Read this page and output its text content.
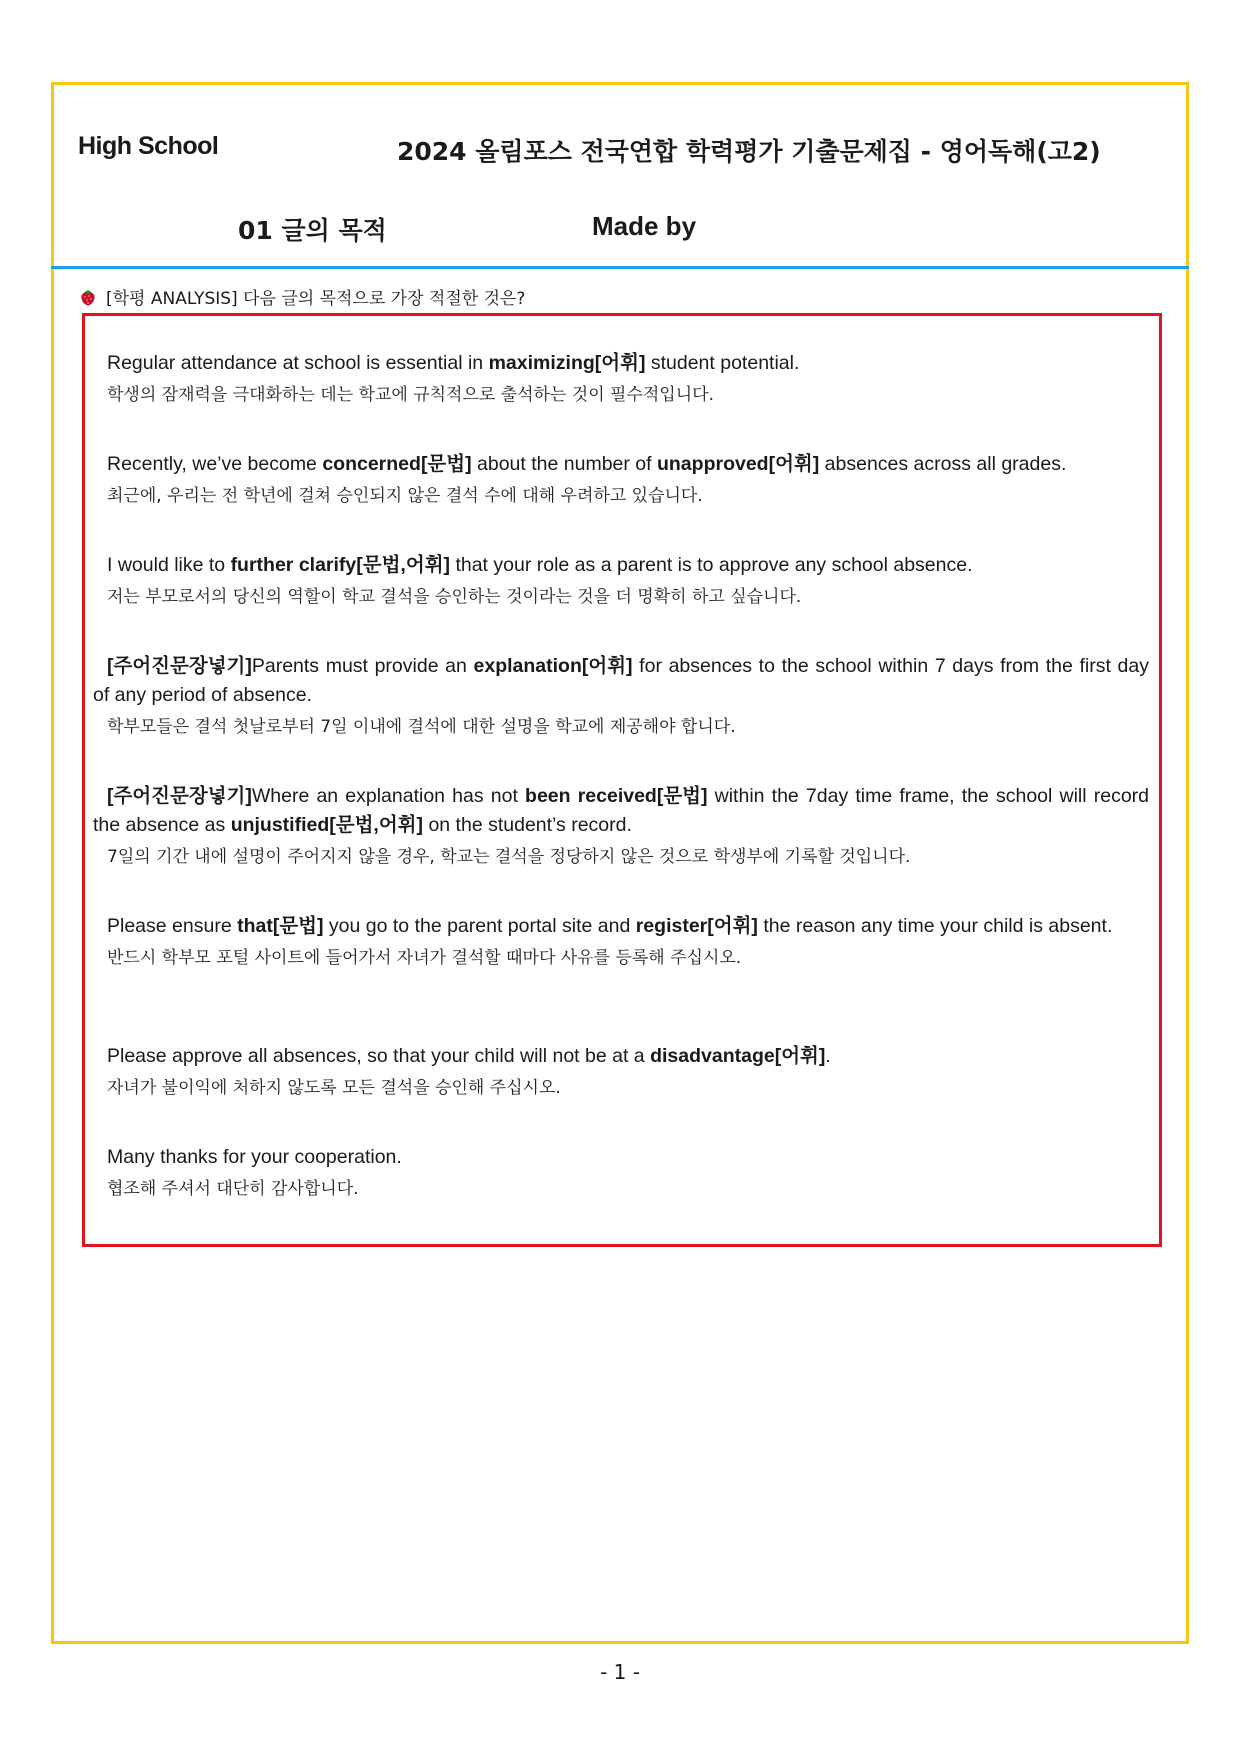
High School	2024 올림포스 전국연합 학력평가 기출문제집 - 영어독해(고2)
01 글의 목적	Made by
[학평 ANALYSIS] 다음 글의 목적으로 가장 적절한 것은?
Regular attendance at school is essential in maximizing[어휘] student potential.
학생의 잠재력을 극대화하는 데는 학교에 규칙적으로 출석하는 것이 필수적입니다.
Recently, we’ve become concerned[문법] about the number of unapproved[어휘] absences across all grades.
최근에, 우리는 전 학년에 걸쳐 승인되지 않은 결석 수에 대해 우려하고 있습니다.
I would like to further clarify[문법,어휘] that your role as a parent is to approve any school absence.
저는 부모로서의 당신의 역할이 학교 결석을 승인하는 것이라는 것을 더 명확히 하고 싶습니다.
[주어진문장넣기]Parents must provide an explanation[어휘] for absences to the school within 7 days from the first day of any period of absence.
학부모들은 결석 첫날로부터 7일 이내에 결석에 대한 설명을 학교에 제공해야 합니다.
[주어진문장넣기]Where an explanation has not been received[문법] within the 7day time frame, the school will record the absence as unjustified[문법,어휘] on the student’s record.
7일의 기간 내에 설명이 주어지지 않을 경우, 학교는 결석을 정당하지 않은 것으로 학생부에 기록할 것입니다.
Please ensure that[문법] you go to the parent portal site and register[어휘] the reason any time your child is absent.
반드시 학부모 포털 사이트에 들어가서 자녀가 결석할 때마다 사유를 등록해 주십시오.
Please approve all absences, so that your child will not be at a disadvantage[어휘].
자녀가 불이익에 처하지 않도록 모든 결석을 승인해 주십시오.
Many thanks for your cooperation.
협조해 주셔서 대단히 감사합니다.
- 1 -
